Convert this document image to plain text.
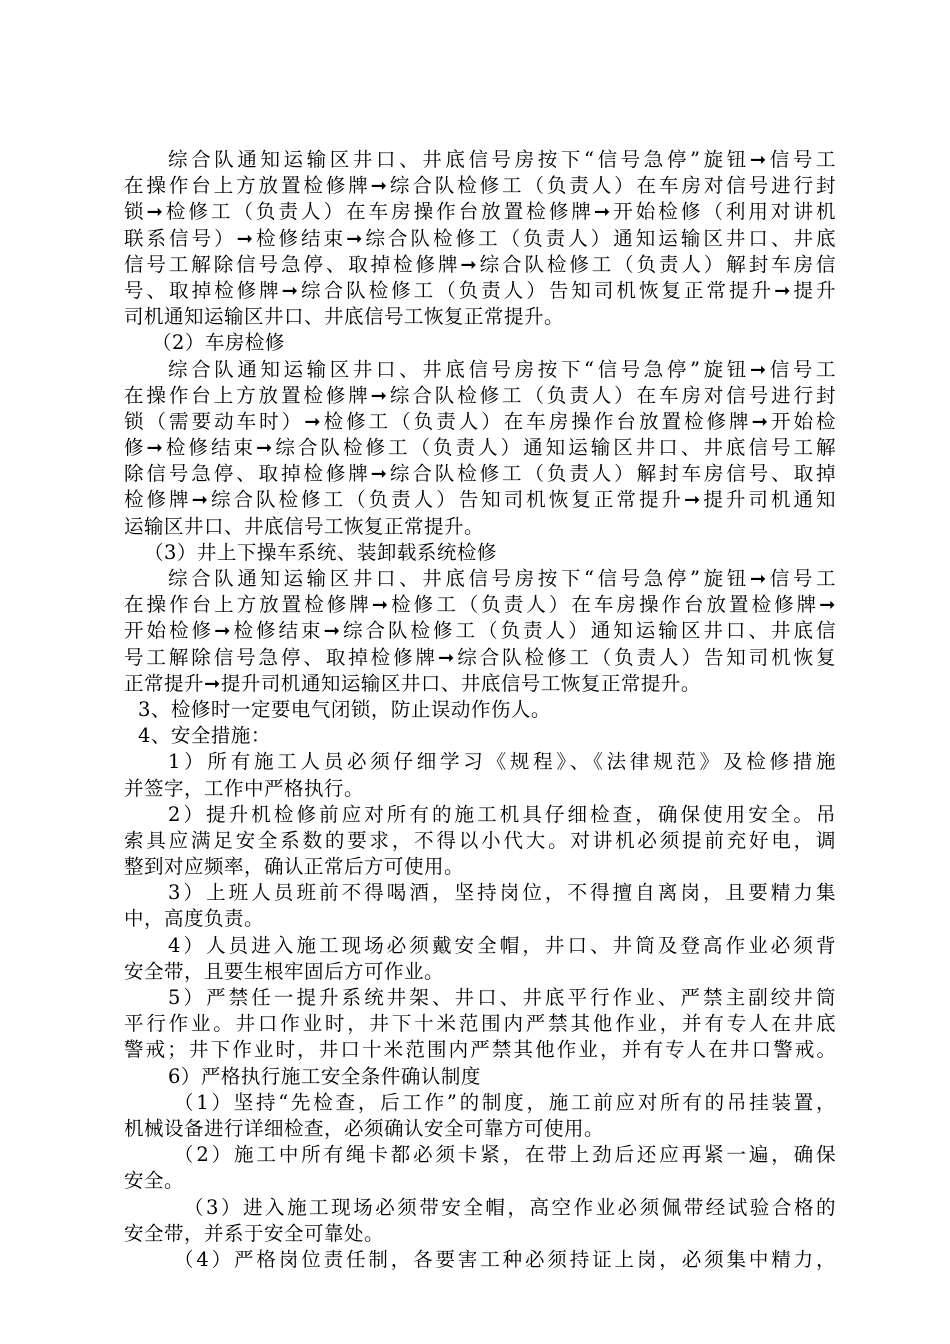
综合队通知运输区井口、井底信号房按下“信号急停”旋钮➞信号工
在操作台上方放置检修牌➞综合队检修工（负责人）在车房对信号进行封
锁➞检修工（负责人）在车房操作台放置检修牌➞开始检修（利用对讲机
联系信号）➞检修结束➞综合队检修工（负责人）通知运输区井口、井底
信号工解除信号急停、取掉检修牌➞综合队检修工（负责人）解封车房信
号、取掉检修牌➞综合队检修工（负责人）告知司机恢复正常提升➞提升
司机通知运输区井口、井底信号工恢复正常提升。
（2）车房检修
综合队通知运输区井口、井底信号房按下“信号急停”旋钮➞信号工
在操作台上方放置检修牌➞综合队检修工（负责人）在车房对信号进行封
锁（需要动车时）➞检修工（负责人）在车房操作台放置检修牌➞开始检
修➞检修结束➞综合队检修工（负责人）通知运输区井口、井底信号工解
除信号急停、取掉检修牌➞综合队检修工（负责人）解封车房信号、取掉
检修牌➞综合队检修工（负责人）告知司机恢复正常提升➞提升司机通知
运输区井口、井底信号工恢复正常提升。
（3）井上下操车系统、装卸载系统检修
综合队通知运输区井口、井底信号房按下“信号急停”旋钮➞信号工
在操作台上方放置检修牌➞检修工（负责人）在车房操作台放置检修牌➞
开始检修➞检修结束➞综合队检修工（负责人）通知运输区井口、井底信
号工解除信号急停、取掉检修牌➞综合队检修工（负责人）告知司机恢复
正常提升➞提升司机通知运输区井口、井底信号工恢复正常提升。
3、检修时一定要电气闭锁，防止误动作伤人。
4、安全措施：
1）所有施工人员必须仔细学习《规程》、《法律规范》及检修措施
并签字，工作中严格执行。
2）提升机检修前应对所有的施工机具仔细检查，确保使用安全。吊
索具应满足安全系数的要求，不得以小代大。对讲机必须提前充好电，调
整到对应频率，确认正常后方可使用。
3）上班人员班前不得喝酒，坚持岗位，不得擅自离岗，且要精力集
中，高度负责。
4）人员进入施工现场必须戴安全帽，井口、井筒及登高作业必须背
安全带，且要生根牢固后方可作业。
5）严禁任一提升系统井架、井口、井底平行作业、严禁主副绞井筒
平行作业。井口作业时，井下十米范围内严禁其他作业，并有专人在井底
警戒；井下作业时，井口十米范围内严禁其他作业，并有专人在井口警戒。
6）严格执行施工安全条件确认制度
（1）坚持“先检查，后工作”的制度，施工前应对所有的吊挂装置，
机械设备进行详细检查，必须确认安全可靠方可使用。
（2）施工中所有绳卡都必须卡紧，在带上劲后还应再紧一遍，确保
安全。
（3）进入施工现场必须带安全帽，高空作业必须佩带经试验合格的
安全带，并系于安全可靠处。
（4）严格岗位责任制，各要害工种必须持证上岗，必须集中精力，
